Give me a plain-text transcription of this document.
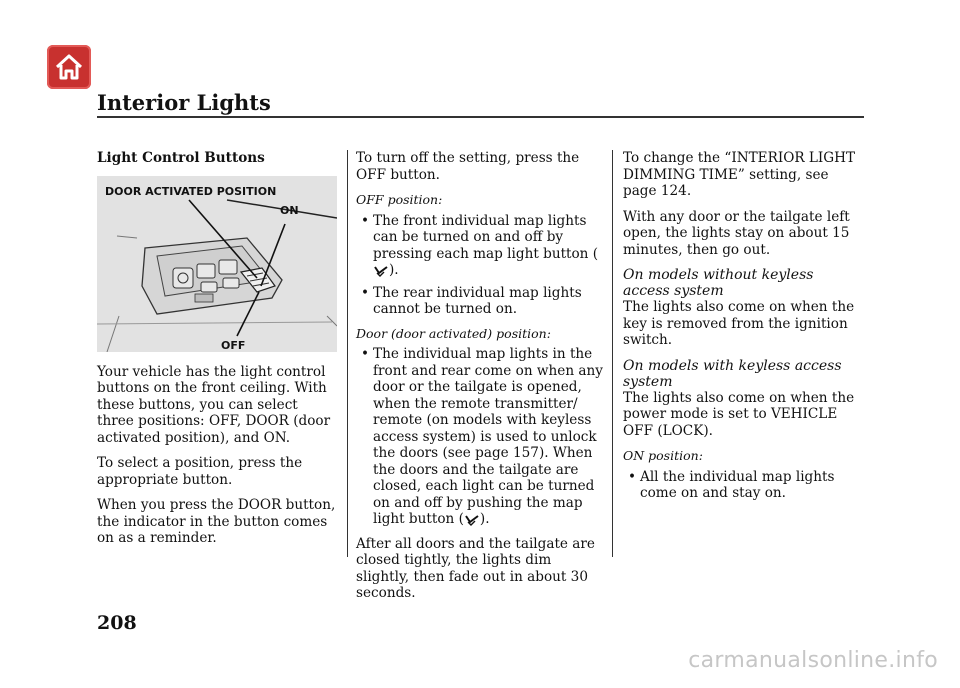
Interior Lights

Light Control Buttons

DOOR ACTIVATED POSITION
ON
OFF

Your vehicle has the light control buttons on the front ceiling. With these buttons, you can select three positions: OFF, DOOR (door activated position), and ON.

To select a position, press the appropriate button.

When you press the DOOR button, the indicator in the button comes on as a reminder.

To turn off the setting, press the OFF button.

OFF position:

• The front individual map lights can be turned on and off by pressing each map light button ().
• The rear individual map lights cannot be turned on.

Door (door activated) position:

• The individual map lights in the front and rear come on when any door or the tailgate is opened, when the remote transmitter/ remote (on models with keyless access system) is used to unlock the doors (see page 157). When the doors and the tailgate are closed, each light can be turned on and off by pushing the map light button ( ).

After all doors and the tailgate are closed tightly, the lights dim slightly, then fade out in about 30 seconds.

To change the “INTERIOR LIGHT DIMMING TIME” setting, see page 124.

With any door or the tailgate left open, the lights stay on about 15 minutes, then go out.

On models without keyless access system

The lights also come on when the key is removed from the ignition switch.

On models with keyless access system

The lights also come on when the power mode is set to VEHICLE OFF (LOCK).

ON position:

• All the individual map lights come on and stay on.
208
carmanualsonline.info
